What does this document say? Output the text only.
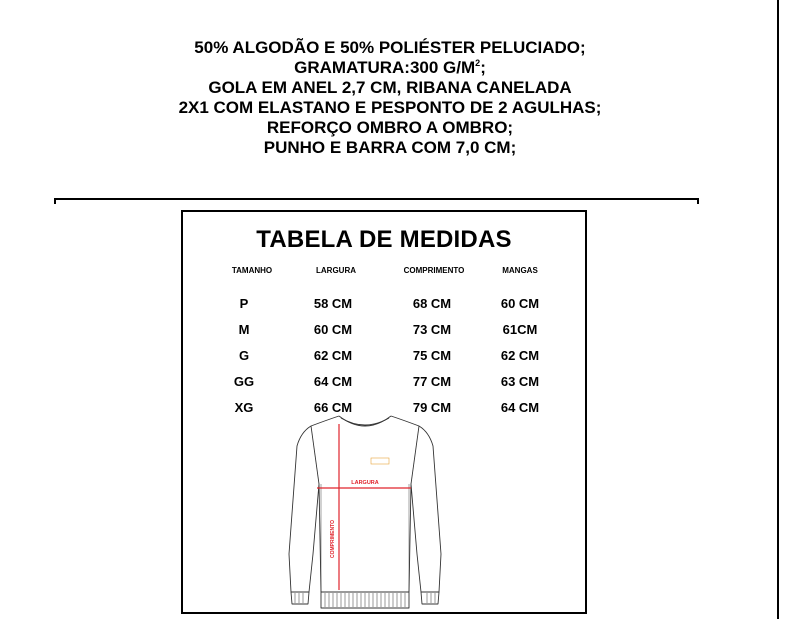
50% ALGODÃO E 50% POLIÉSTER PELUCIADO;
GRAMATURA:300 $G/M^2$;
GOLA EM ANEL 2,7 CM, RIBANA CANELADA
2X1 COM ELASTANO E PESPONTO DE 2 AGULHAS;
REFORÇO OMBRO A OMBRO;
PUNHO E BARRA COM 7,0 CM;
TABELA DE MEDIDAS
TAMANHO	LARGURA	COMPRIMENTO	MANGAS
P	58 CM	68 CM	60 CM
M	60 CM	73 CM	61CM
G	62 CM	75 CM	62 CM
GG	64 CM	77 CM	63 CM
XG	66 CM	79 CM	64 CM
LARGURA
COMPRIMENTO
